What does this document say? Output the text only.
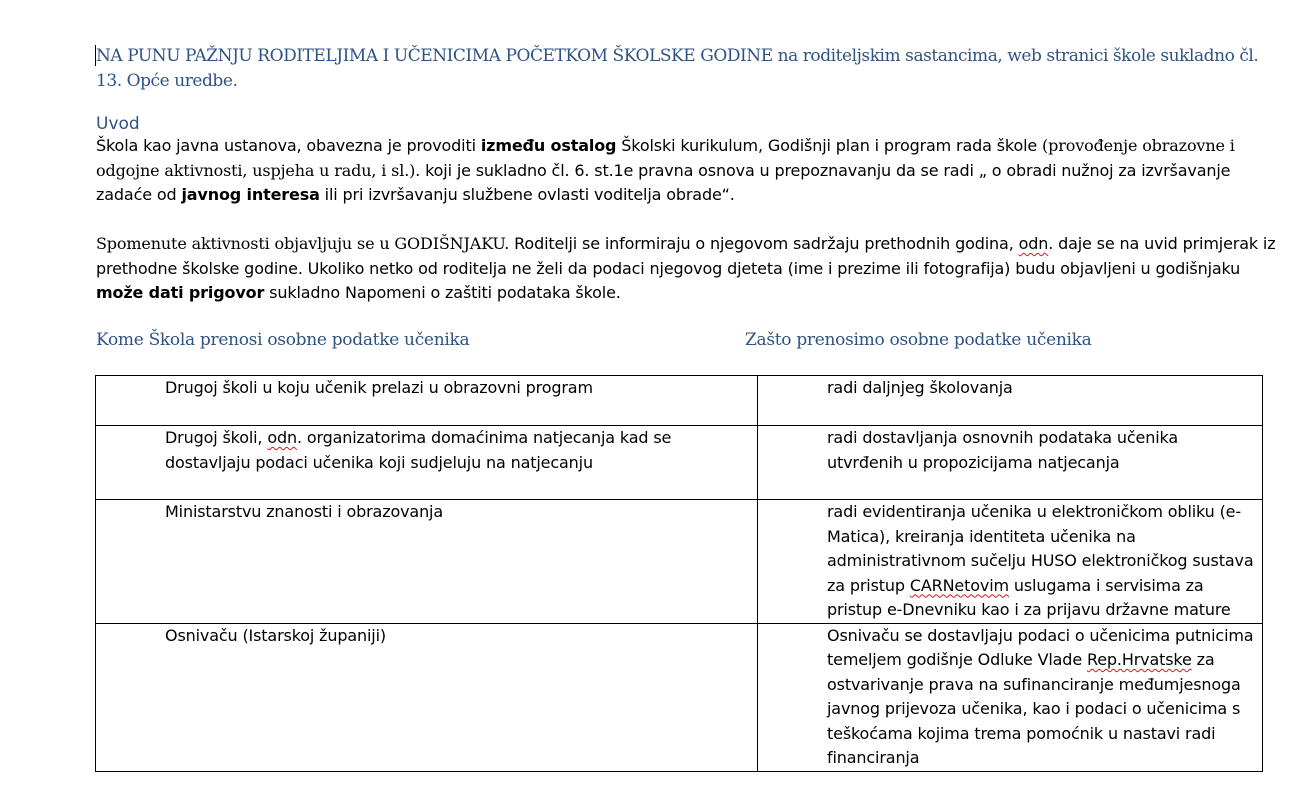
NA PUNU PAŽNJU RODITELJIMA I UČENICIMA POČETKOM ŠKOLSKE GODINE na roditeljskim sastancima, web stranici škole sukladno čl. 13. Opće uredbe.
Uvod
Škola kao javna ustanova, obavezna je provoditi između ostalog Školski kurikulum, Godišnji plan i program rada škole (provođenje obrazovne i odgojne aktivnosti, uspjeha u radu, i sl.). koji je sukladno čl. 6. st.1e pravna osnova u prepoznavanju da se radi „ o obradi nužnoj za izvršavanje zadaće od javnog interesa ili pri izvršavanju službene ovlasti voditelja obrade“.
Spomenute aktivnosti objavljuju se u GODIŠNJAKU. Roditelji se informiraju o njegovom sadržaju prethodnih godina, odn. daje se na uvid primjerak iz prethodne školske godine. Ukoliko netko od roditelja ne želi da podaci njegovog djeteta (ime i prezime ili fotografija) budu objavljeni u godišnjaku može dati prigovor sukladno Napomeni o zaštiti podataka škole.
Kome Škola prenosi osobne podatke učenika	Zašto prenosimo osobne podatke učenika
Drugoj školi u koju učenik prelazi u obrazovni program	radi daljnjeg školovanja
Drugoj školi, odn. organizatorima domaćinima natjecanja kad se dostavljaju podaci učenika koji sudjeluju na natjecanju	radi dostavljanja osnovnih podataka učenika utvrđenih u propozicijama natjecanja
Ministarstvu znanosti i obrazovanja	radi evidentiranja učenika u elektroničkom obliku (e-Matica), kreiranja identiteta učenika na administrativnom sučelju HUSO elektroničkog sustava za pristup CARNetovim uslugama i servisima za pristup e-Dnevniku kao i za prijavu državne mature
Osnivaču (Istarskoj županiji)	Osnivaču se dostavljaju podaci o učenicima putnicima temeljem godišnje Odluke Vlade Rep.Hrvatske za ostvarivanje prava na sufinanciranje međumjesnoga javnog prijevoza učenika, kao i podaci o učenicima s teškoćama kojima trema pomoćnik u nastavi radi financiranja
